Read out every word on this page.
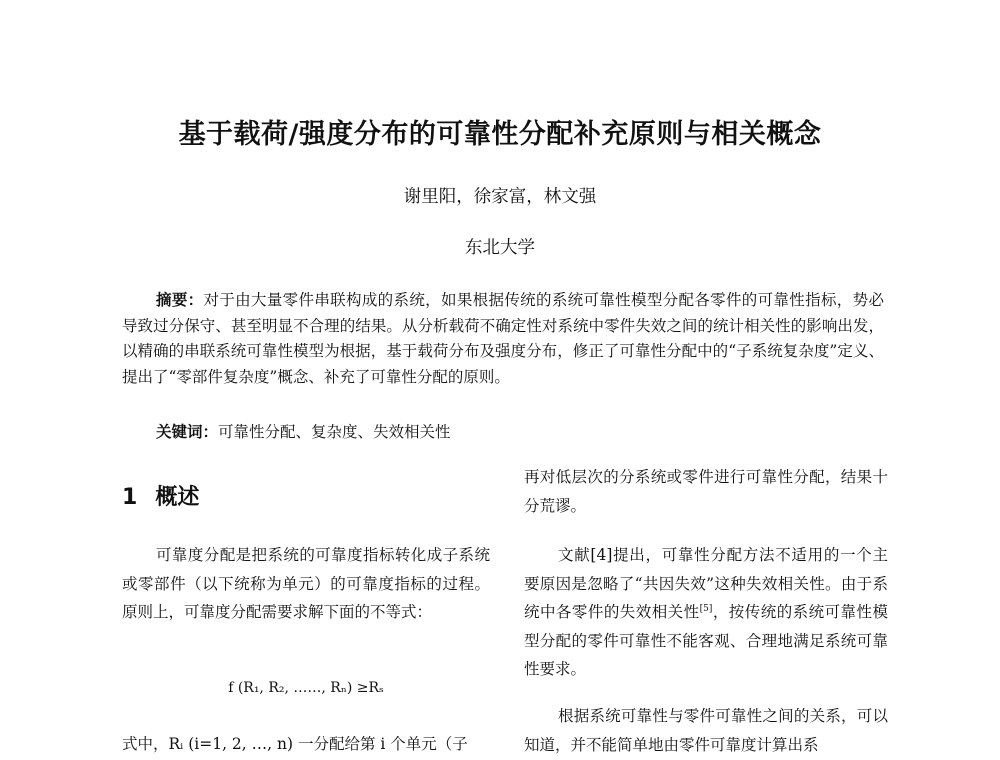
基于载荷/强度分布的可靠性分配补充原则与相关概念
谢里阳，徐家富，林文强
东北大学
摘要：对于由大量零件串联构成的系统，如果根据传统的系统可靠性模型分配各零件的可靠性指标，势必导致过分保守、甚至明显不合理的结果。从分析载荷不确定性对系统中零件失效之间的统计相关性的影响出发，以精确的串联系统可靠性模型为根据，基于载荷分布及强度分布，修正了可靠性分配中的“子系统复杂度”定义、提出了“零部件复杂度”概念、补充了可靠性分配的原则。
关键词：可靠性分配、复杂度、失效相关性
1 概述
可靠度分配是把系统的可靠度指标转化成子系统或零部件（以下统称为单元）的可靠度指标的过程。原则上，可靠度分配需要求解下面的不等式：
f (R₁, R₂, ……, Rₙ) ≥Rₛ
式中，Rᵢ (i=1, 2, …, n) 一分配给第 i 个单元（子
再对低层次的分系统或零件进行可靠性分配，结果十分荒谬。
文献[4]提出，可靠性分配方法不适用的一个主要原因是忽略了“共因失效”这种失效相关性。由于系统中各零件的失效相关性[5]，按传统的系统可靠性模型分配的零件可靠性不能客观、合理地满足系统可靠性要求。
根据系统可靠性与零件可靠性之间的关系，可以知道，并不能简单地由零件可靠度计算出系
